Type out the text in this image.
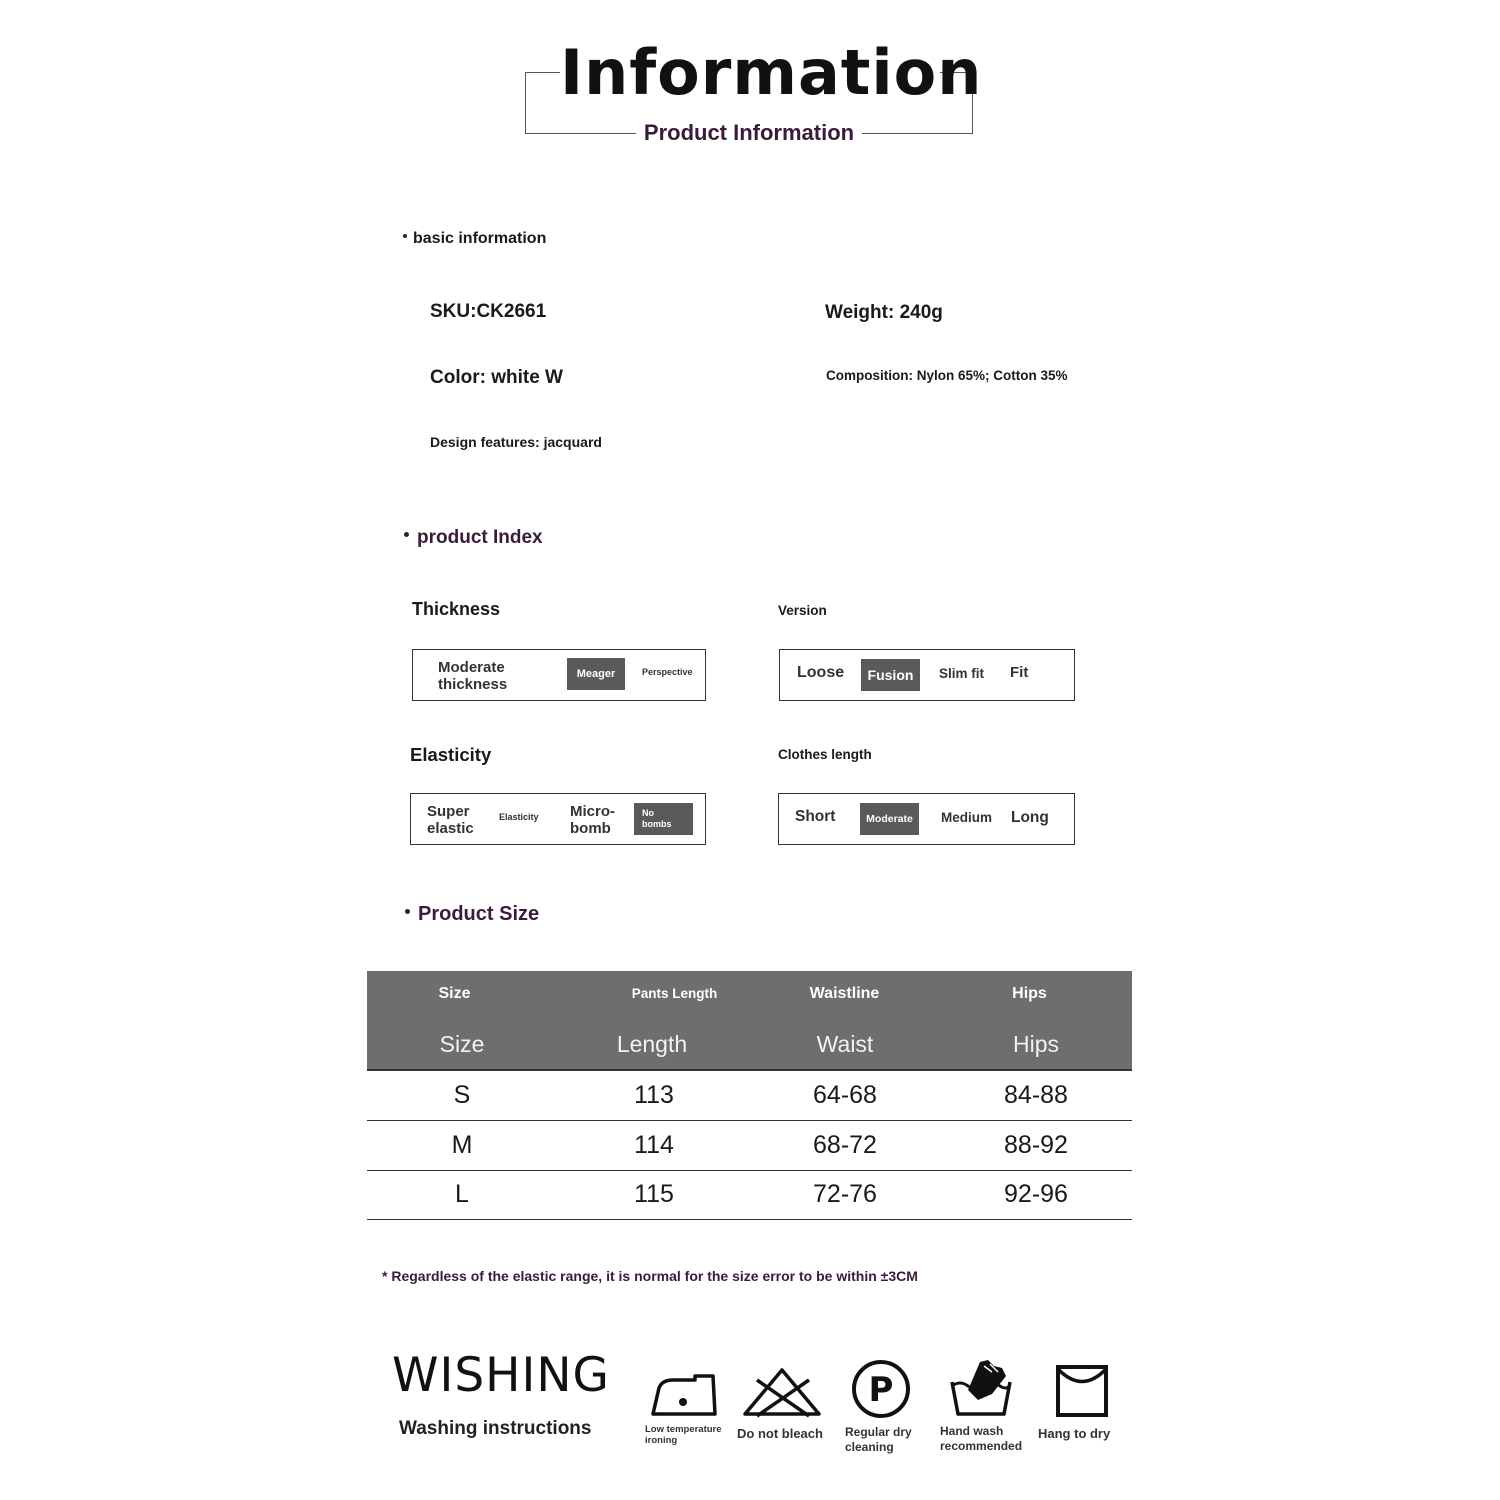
Information
Product Information
basic information
SKU:CK2661	Weight: 240g
Color: white W	Composition: Nylon 65%; Cotton 35%
Design features: jacquard
product Index
Thickness
Moderate
thickness
Meager	Perspective
Version
Loose	Fusion	Slim fit Fit
Elasticity
Super
elastic
Elasticity Micro-
bomb
No
bombs
Clothes length
Short	Moderate	Medium Long
Product Size
Size	Pants Length	Waistline	Hips
Size	Length	Waist	Hips
S	113	64-68	84-88
M	114	68-72	88-92
L	115	72-76	92-96
* Regardless of the elastic range, it is normal for the size error to be within ±3CM
WISHING
Washing instructions	Low temperature
ironing	Do not bleach
P
Regular dry
cleaning
Hand wash
recommended
Hang to dry
